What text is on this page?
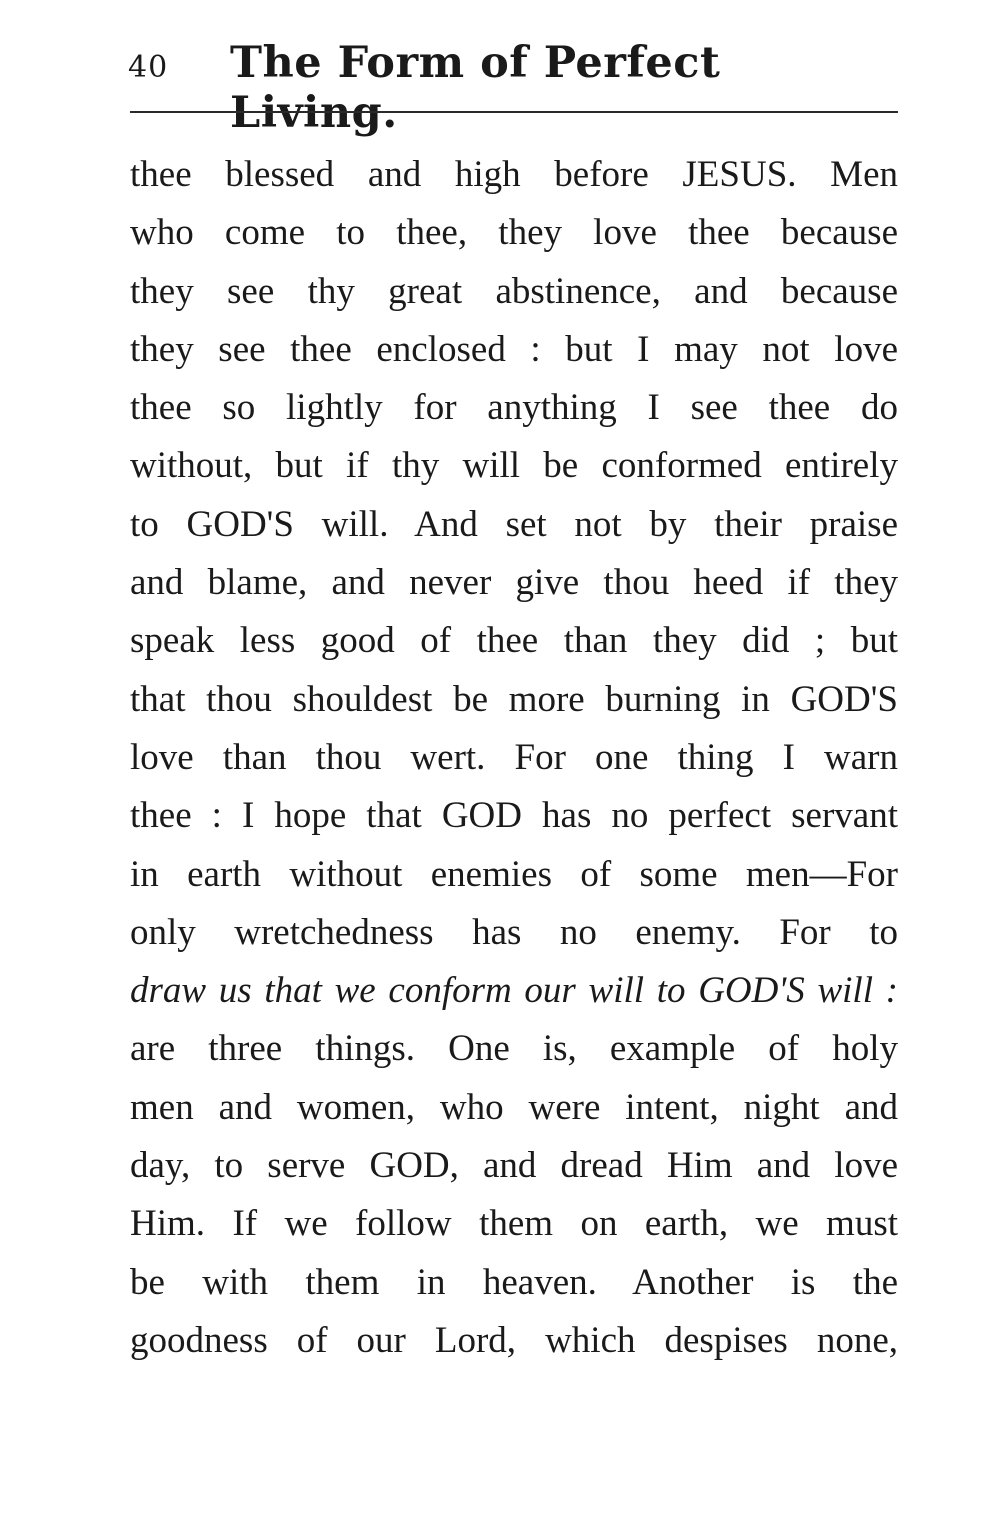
40 The Form of Perfect Living.
thee blessed and high before JESUS. Men
who come to thee, they love thee because
they see thy great abstinence, and because
they see thee enclosed : but I may not love
thee so lightly for anything I see thee do
without, but if thy will be conformed entirely
to GOD'S will. And set not by their praise
and blame, and never give thou heed if they
speak less good of thee than they did ; but
that thou shouldest be more burning in GOD'S
love than thou wert. For one thing I warn
thee : I hope that GOD has no perfect servant
in earth without enemies of some men—For
only wretchedness has no enemy. For to
draw us that we conform our will to GOD'S will :
are three things. One is, example of holy
men and women, who were intent, night and
day, to serve GOD, and dread Him and love
Him. If we follow them on earth, we must
be with them in heaven. Another is the
goodness of our Lord, which despises none,
